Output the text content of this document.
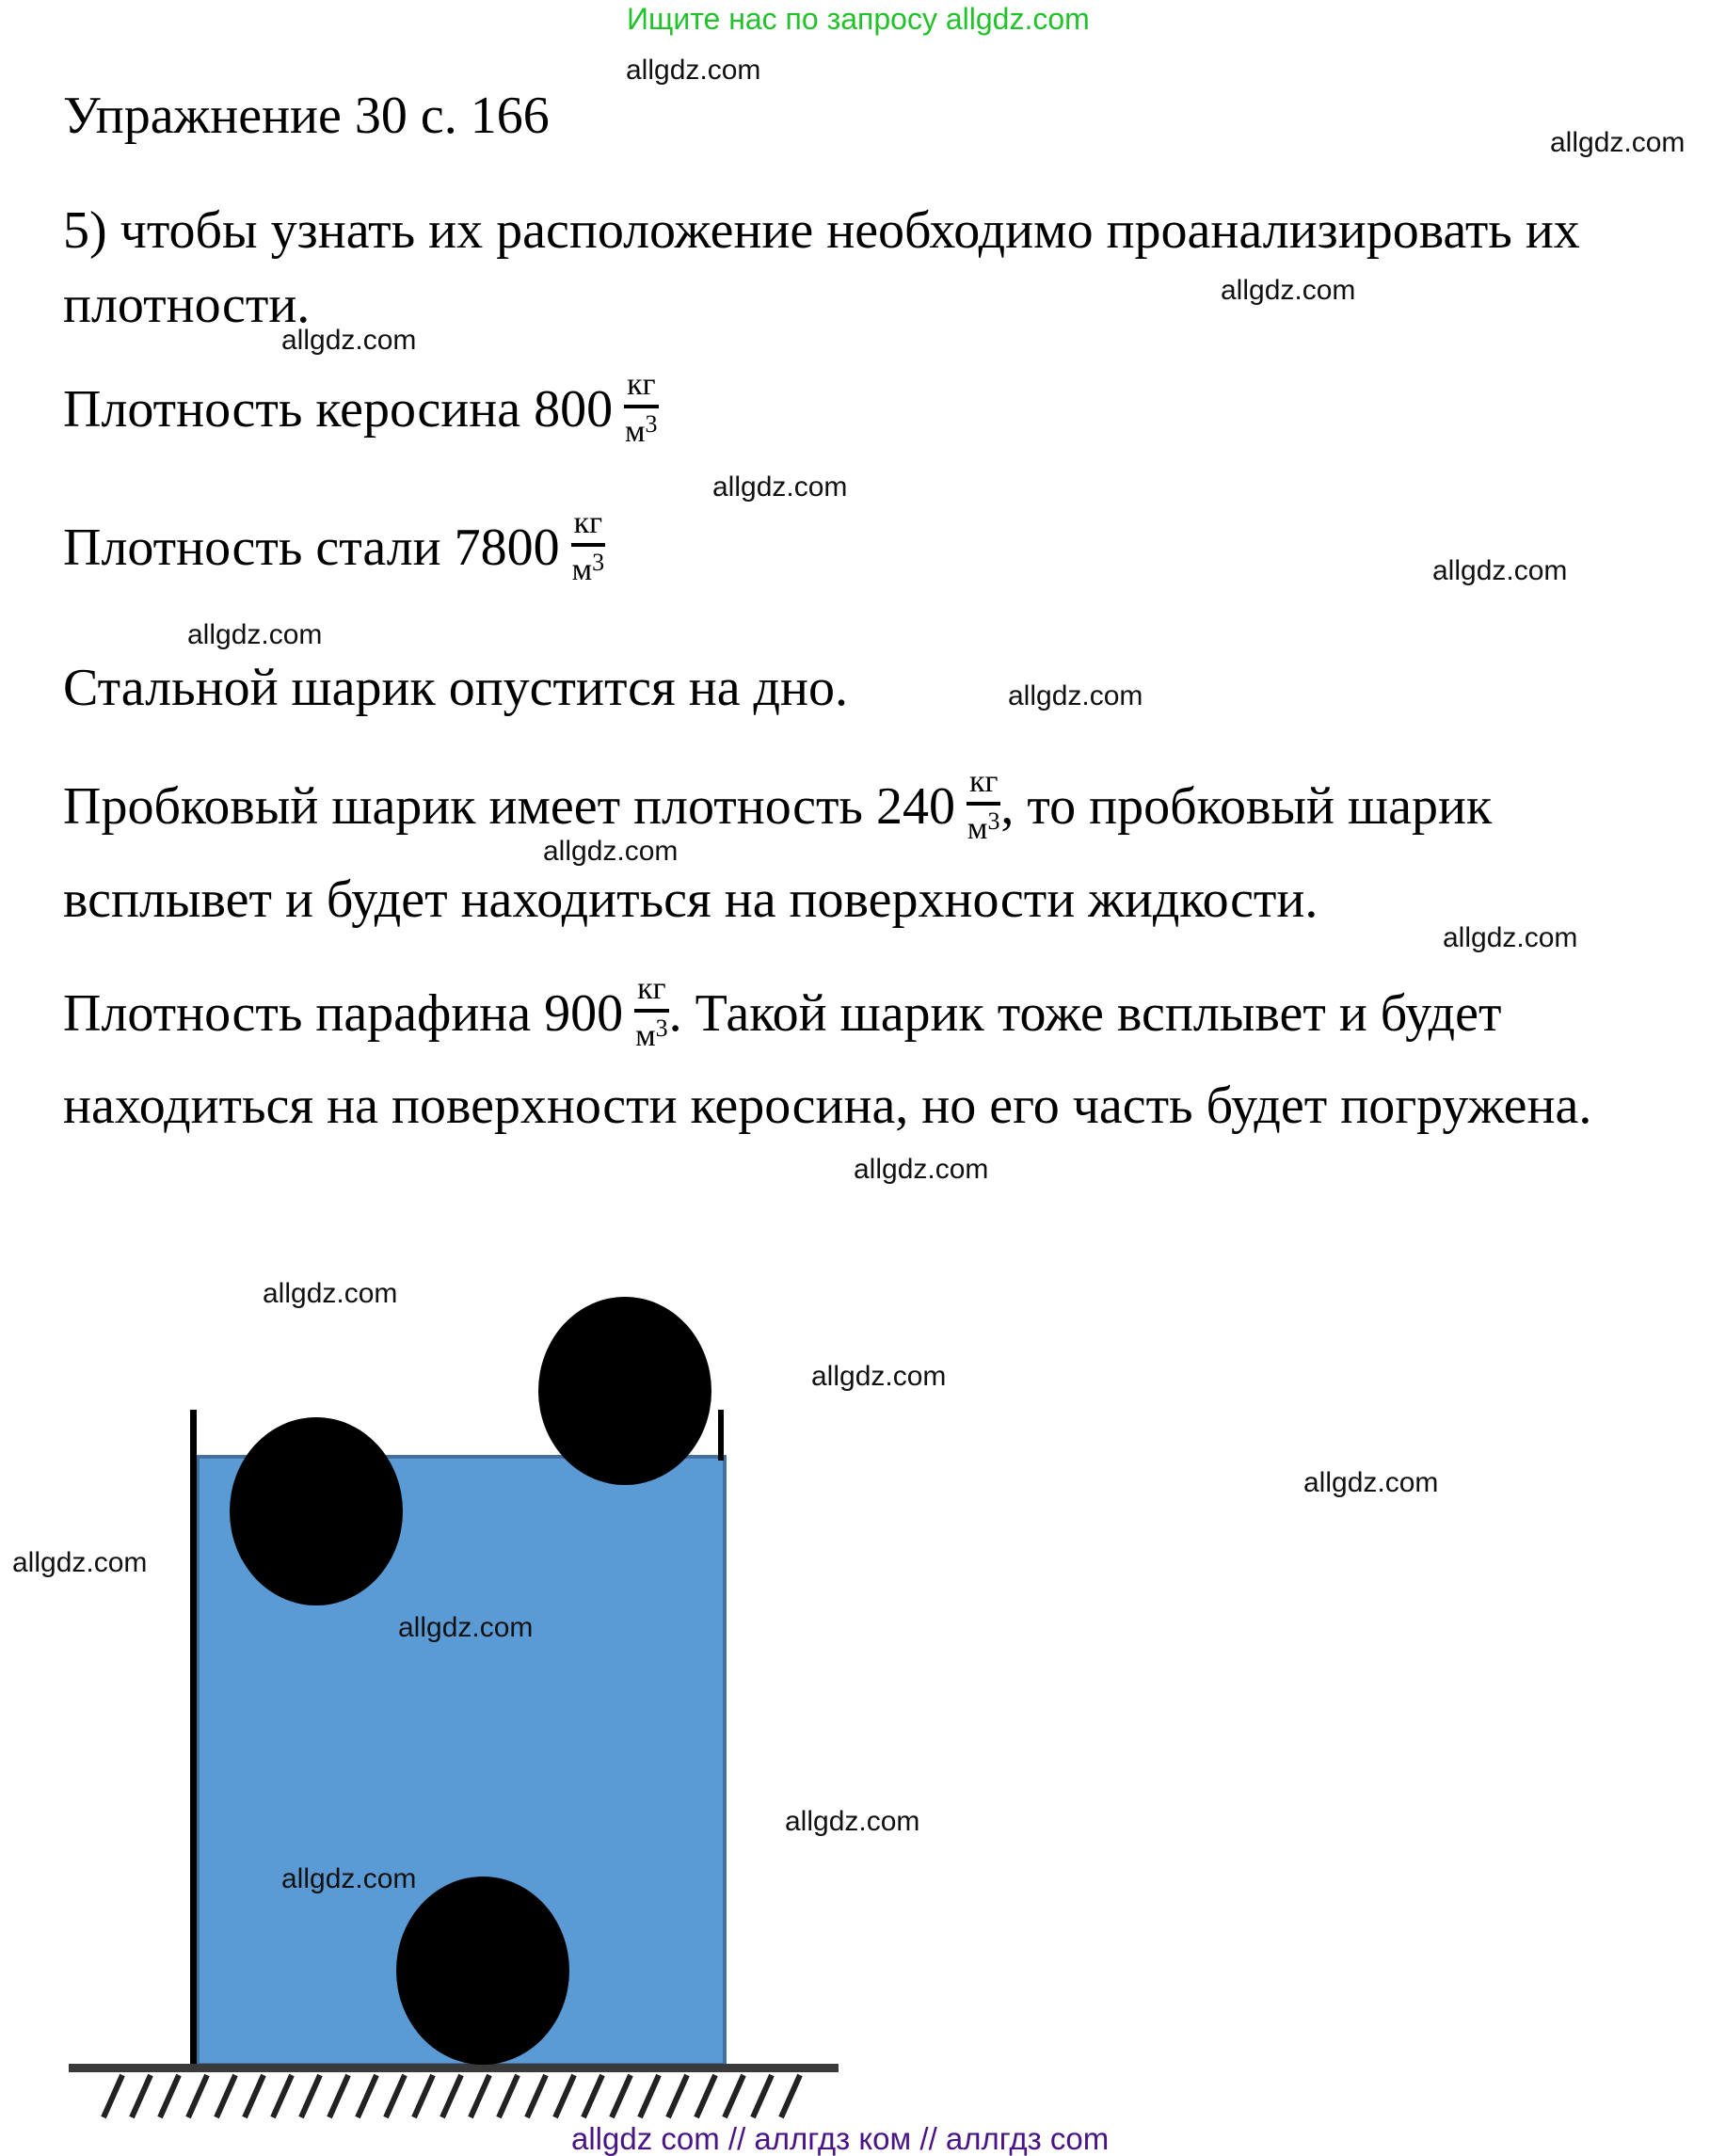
Ищите нас по запросу allgdz.com
Упражнение 30 с. 166
5) чтобы узнать их расположение необходимо проанализировать их
плотности.
Плотность керосина $800 \frac{кг}{м^3}$
Плотность стали $7800 \frac{кг}{м^3}$
Стальной шарик опустится на дно.
Пробковый шарик имеет плотность $240 \frac{кг}{м^3}$ , то пробковый шарик
всплывет и будет находиться на поверхности жидкости.
Плотность парафина $900 \frac{кг}{м^3}$ . Такой шарик тоже всплывет и будет
находиться на поверхности керосина, но его часть будет погружена.
allgdz.com
allgdz.com
allgdz.com
allgdz.com
allgdz.com
allgdz.com
allgdz.com
allgdz.com
allgdz.com
allgdz.com
allgdz.com
allgdz.com
allgdz.com
allgdz.com
allgdz.com
allgdz.com
allgdz.com
allgdz.com
allgdz com // аллгдз ком // аллгдз com
